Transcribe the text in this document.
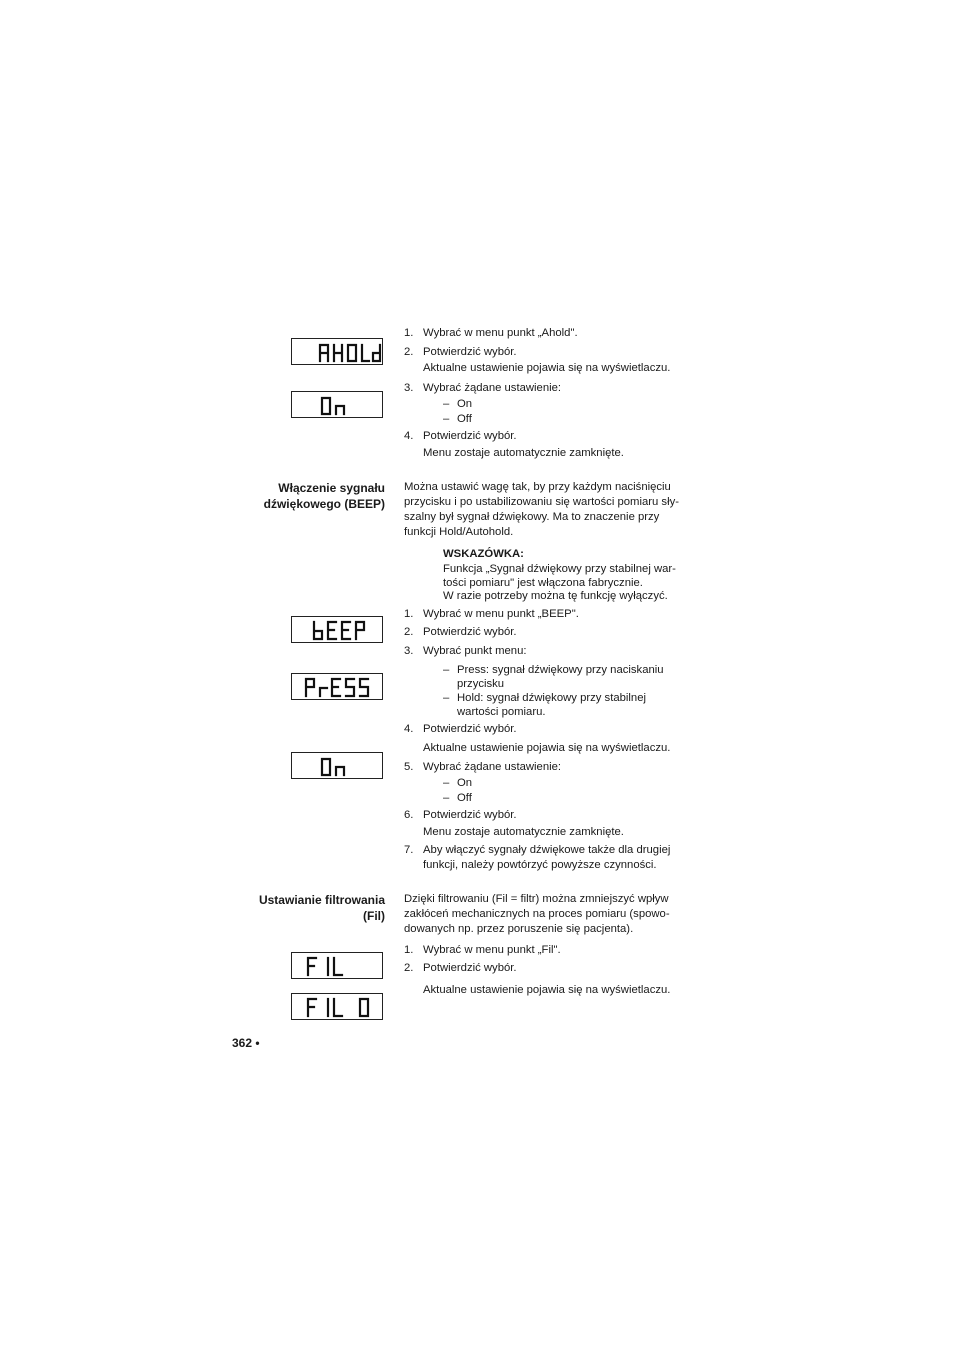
1. Wybrać w menu punkt „Ahold".
2. Potwierdzić wybór.
Aktualne ustawienie pojawia się na wyświetlaczu.
3. Wybrać żądane ustawienie:
– On
– Off
4. Potwierdzić wybór.
Menu zostaje automatycznie zamknięte.
Włączenie sygnału
dźwiękowego (BEEP)
Można ustawić wagę tak, by przy każdym naciśnięciu
przycisku i po ustabilizowaniu się wartości pomiaru sły-
szalny był sygnał dźwiękowy. Ma to znaczenie przy
funkcji Hold/Autohold.
WSKAZÓWKA:
Funkcja „Sygnał dźwiękowy przy stabilnej war-
tości pomiaru" jest włączona fabrycznie.
W razie potrzeby można tę funkcję wyłączyć.
1. Wybrać w menu punkt „BEEP".
2. Potwierdzić wybór.
3. Wybrać punkt menu:
– Press: sygnał dźwiękowy przy naciskaniu
przycisku
– Hold: sygnał dźwiękowy przy stabilnej
wartości pomiaru.
4. Potwierdzić wybór.
Aktualne ustawienie pojawia się na wyświetlaczu.
5. Wybrać żądane ustawienie:
– On
– Off
6. Potwierdzić wybór.
Menu zostaje automatycznie zamknięte.
7. Aby włączyć sygnały dźwiękowe także dla drugiej
funkcji, należy powtórzyć powyższe czynności.
Ustawianie filtrowania
(Fil)
Dzięki filtrowaniu (Fil = filtr) można zmniejszyć wpływ
zakłóceń mechanicznych na proces pomiaru (spowo-
dowanych np. przez poruszenie się pacjenta).
1. Wybrać w menu punkt „Fil".
2. Potwierdzić wybór.
Aktualne ustawienie pojawia się na wyświetlaczu.
362 •
